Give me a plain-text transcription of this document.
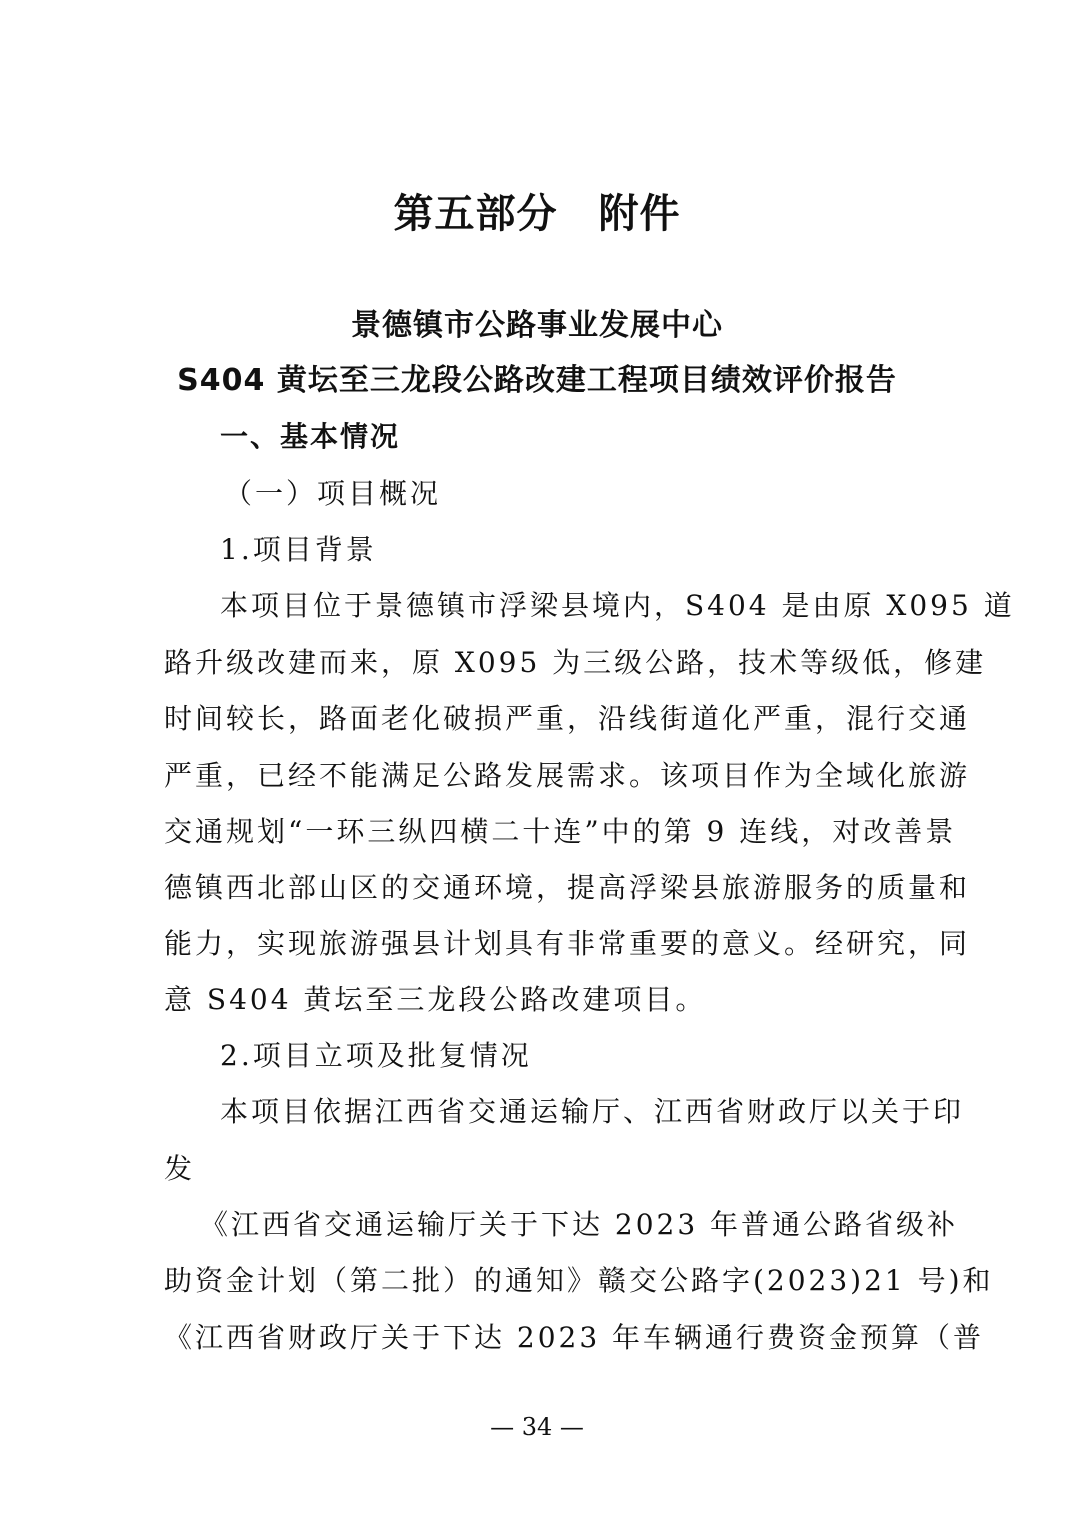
第五部分　附件
景德镇市公路事业发展中心
S404 黄坛至三龙段公路改建工程项目绩效评价报告
一、基本情况
（一）项目概况
1.项目背景
本项目位于景德镇市浮梁县境内，S404 是由原 X095 道
路升级改建而来，原 X095 为三级公路，技术等级低，修建
时间较长，路面老化破损严重，沿线街道化严重，混行交通
严重，已经不能满足公路发展需求。该项目作为全域化旅游
交通规划“一环三纵四横二十连”中的第 9 连线，对改善景
德镇西北部山区的交通环境，提高浮梁县旅游服务的质量和
能力，实现旅游强县计划具有非常重要的意义。经研究，同
意 S404 黄坛至三龙段公路改建项目。
2.项目立项及批复情况
本项目依据江西省交通运输厅、江西省财政厅以关于印
发
《江西省交通运输厅关于下达 2023 年普通公路省级补
助资金计划（第二批）的通知》赣交公路字(2023)21 号)和
《江西省财政厅关于下达 2023 年车辆通行费资金预算（普
— 34 —
